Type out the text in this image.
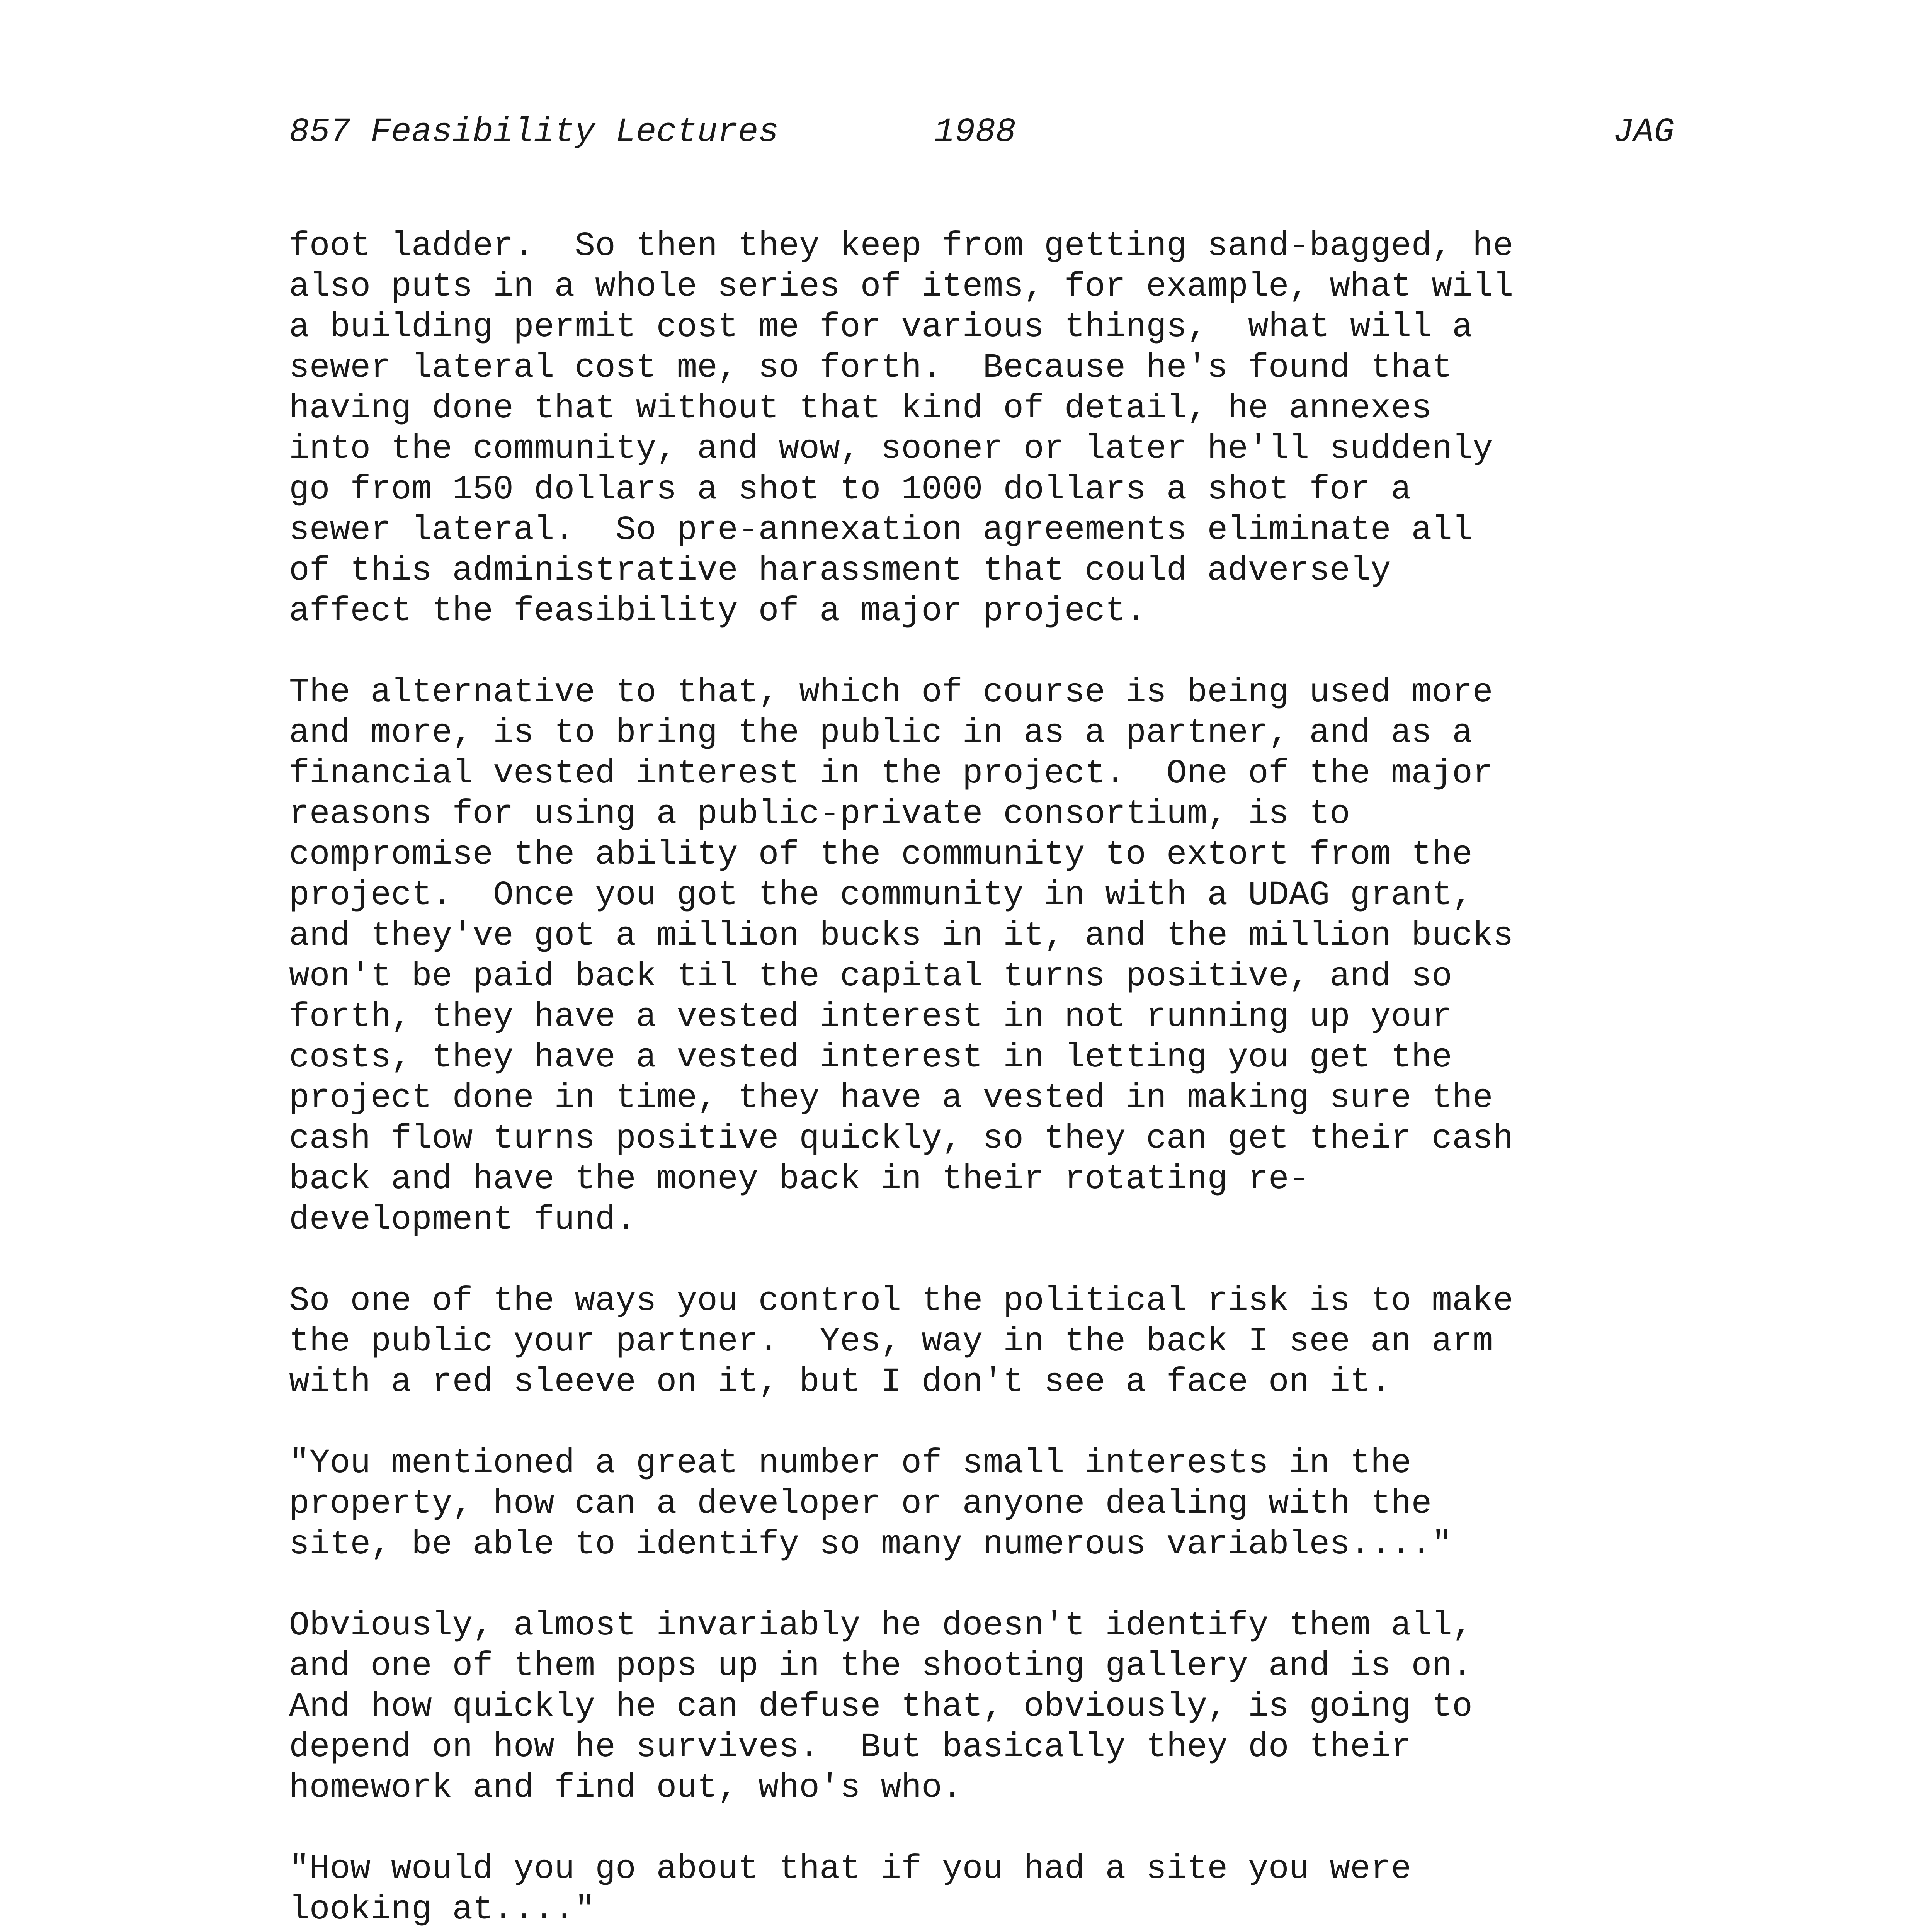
857 Feasibility Lectures

	1988

	JAG

foot ladder.  So then they keep from getting sand-bagged, he
also puts in a whole series of items, for example, what will
a building permit cost me for various things,  what will a
sewer lateral cost me, so forth.  Because he's found that
having done that without that kind of detail, he annexes
into the community, and wow, sooner or later he'll suddenly
go from 150 dollars a shot to 1000 dollars a shot for a
sewer lateral.  So pre-annexation agreements eliminate all
of this administrative harassment that could adversely
affect the feasibility of a major project.

The alternative to that, which of course is being used more
and more, is to bring the public in as a partner, and as a
financial vested interest in the project.  One of the major
reasons for using a public-private consortium, is to
compromise the ability of the community to extort from the
project.  Once you got the community in with a UDAG grant,
and they've got a million bucks in it, and the million bucks
won't be paid back til the capital turns positive, and so
forth, they have a vested interest in not running up your
costs, they have a vested interest in letting you get the
project done in time, they have a vested in making sure the
cash flow turns positive quickly, so they can get their cash
back and have the money back in their rotating re-
development fund.

So one of the ways you control the political risk is to make
the public your partner.  Yes, way in the back I see an arm
with a red sleeve on it, but I don't see a face on it.

"You mentioned a great number of small interests in the
property, how can a developer or anyone dealing with the
site, be able to identify so many numerous variables...."

Obviously, almost invariably he doesn't identify them all,
and one of them pops up in the shooting gallery and is on.
And how quickly he can defuse that, obviously, is going to
depend on how he survives.  But basically they do their
homework and find out, who's who.

"How would you go about that if you had a site you were
looking at...."
